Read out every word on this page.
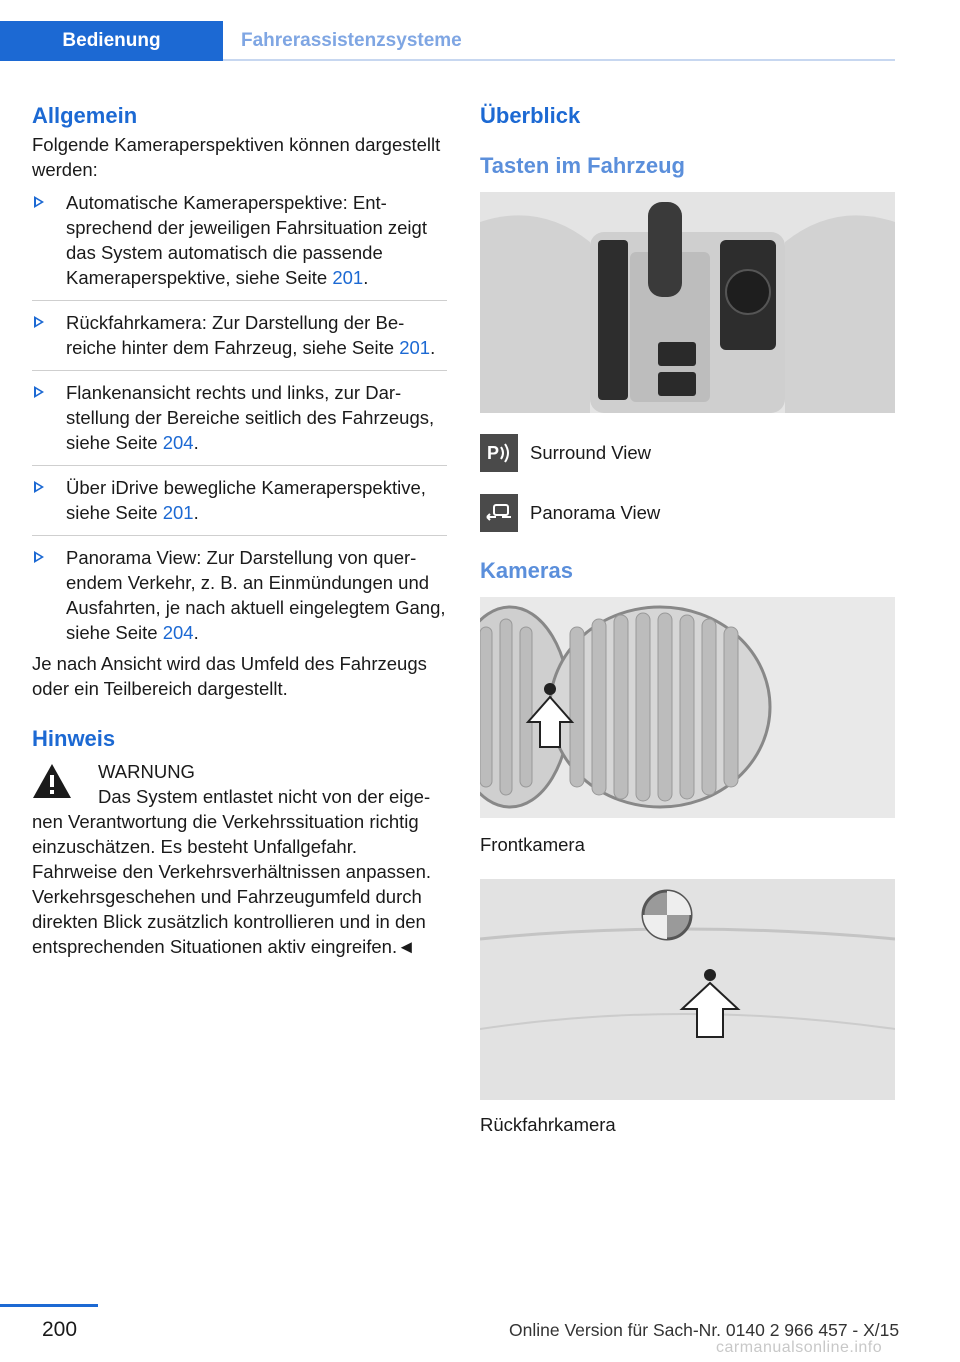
Bedienung	Fahrerassistenzsysteme
Allgemein

Folgende Kameraperspektiven können dargestellt werden:

Automatische Kameraperspektive: Entsprechend der jeweiligen Fahrsituation zeigt das System automatisch die passende Kameraperspektive, siehe Seite 201.
Rückfahrkamera: Zur Darstellung der Bereiche hinter dem Fahrzeug, siehe Seite 201.
Flankenansicht rechts und links, zur Darstellung der Bereiche seitlich des Fahrzeugs, siehe Seite 204.
Über iDrive bewegliche Kameraperspektive, siehe Seite 201.
Panorama View: Zur Darstellung von querendem Verkehr, z. B. an Einmündungen und Ausfahrten, je nach aktuell eingelegtem Gang, siehe Seite 204.

Je nach Ansicht wird das Umfeld des Fahrzeugs oder ein Teilbereich dargestellt.

Hinweis

WARNUNG

Das System entlastet nicht von der eigenen Verantwortung die Verkehrssituation richtig einzuschätzen. Es besteht Unfallgefahr. Fahrweise den Verkehrsverhältnissen anpassen. Verkehrsgeschehen und Fahrzeugumfeld durch direkten Blick zusätzlich kontrollieren und in den entsprechenden Situationen aktiv eingreifen.◄

Überblick
Tasten im Fahrzeug
P Surround View
Panorama View
Kameras

Frontkamera

Rückfahrkamera

200	Online Version für Sach-Nr. 0140 2 966 457 - X/15
carmanualsonline.info
